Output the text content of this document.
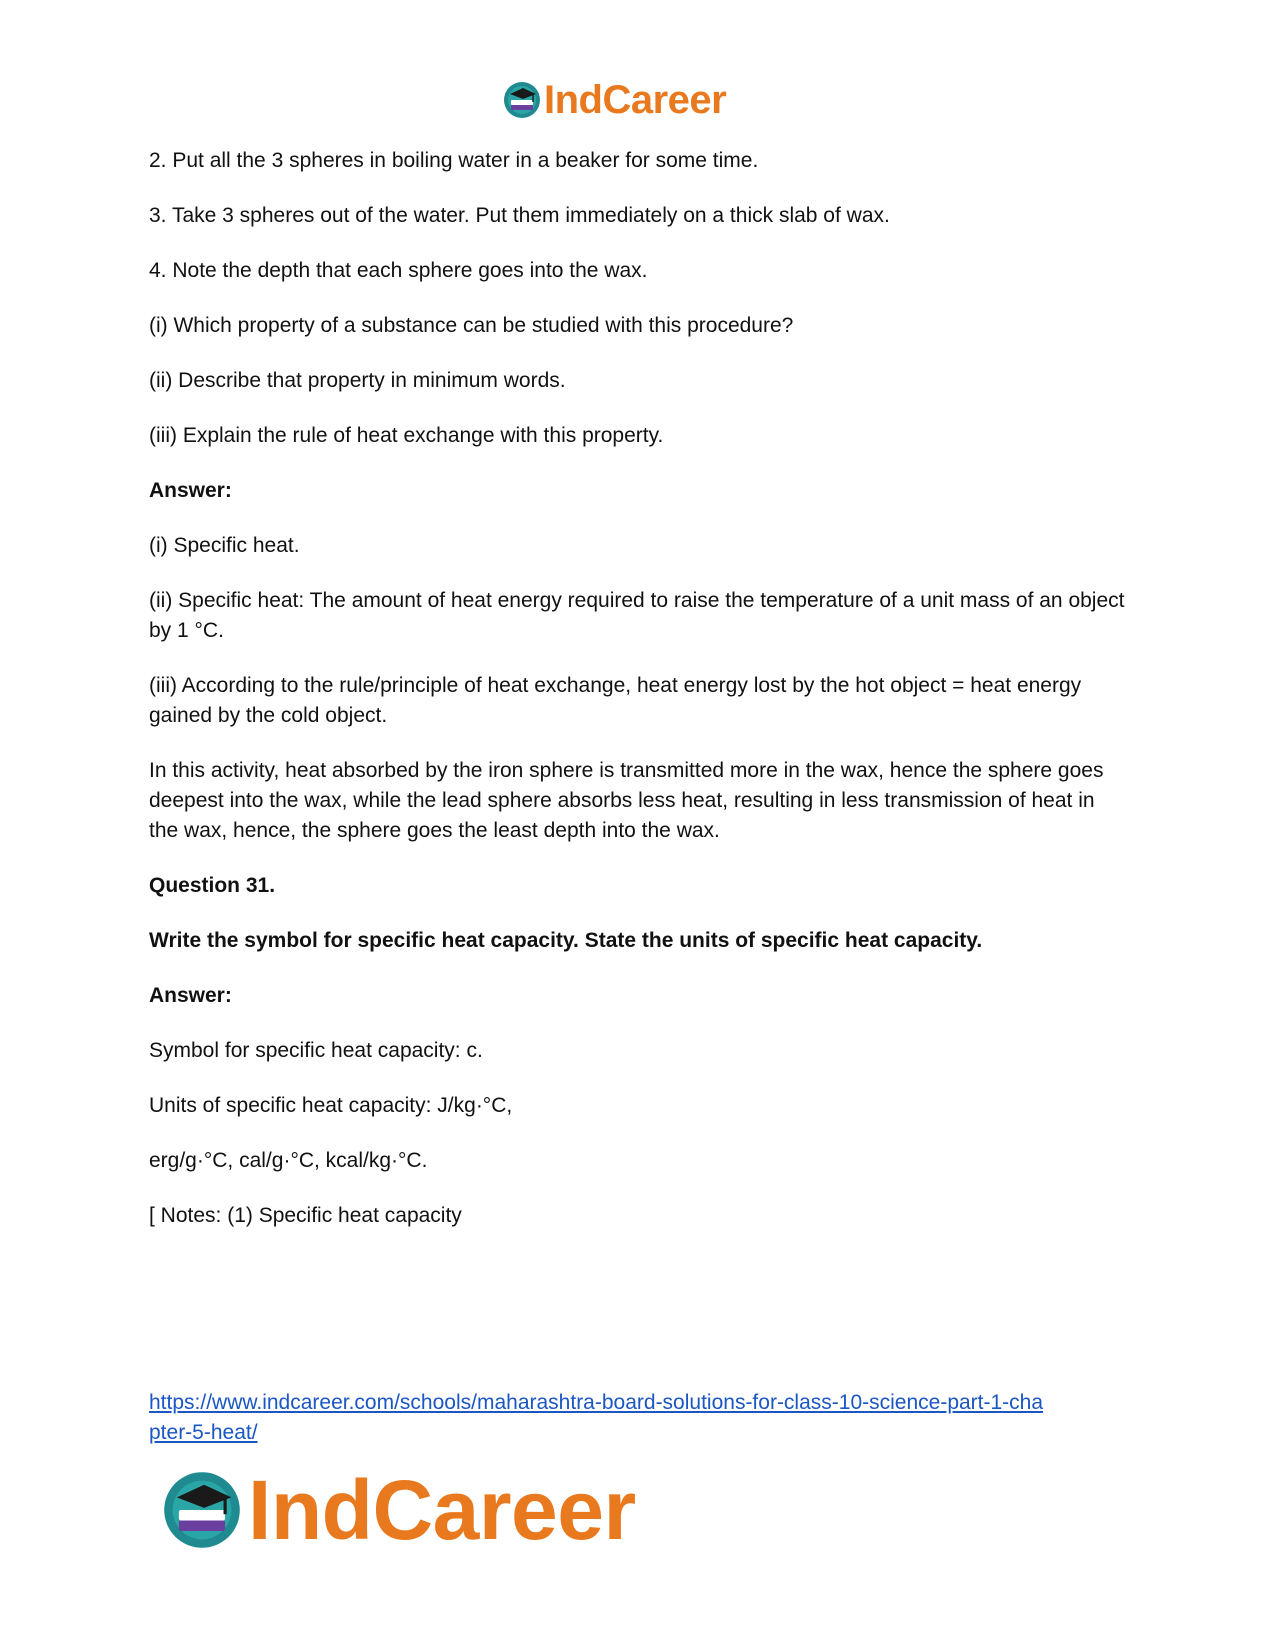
IndCareer

2. Put all the 3 spheres in boiling water in a beaker for some time.

3. Take 3 spheres out of the water. Put them immediately on a thick slab of wax.

4. Note the depth that each sphere goes into the wax.

(i) Which property of a substance can be studied with this procedure?

(ii) Describe that property in minimum words.

(iii) Explain the rule of heat exchange with this property.

Answer:

(i) Specific heat.

(ii) Specific heat: The amount of heat energy required to raise the temperature of a unit mass of an object by 1 °C.

(iii) According to the rule/principle of heat exchange, heat energy lost by the hot object = heat energy gained by the cold object.

In this activity, heat absorbed by the iron sphere is transmitted more in the wax, hence the sphere goes deepest into the wax, while the lead sphere absorbs less heat, resulting in less transmission of heat in the wax, hence, the sphere goes the least depth into the wax.

Question 31.

Write the symbol for specific heat capacity. State the units of specific heat capacity.

Answer:

Symbol for specific heat capacity: c.

Units of specific heat capacity: J/kg·°C,

erg/g·°C, cal/g·°C, kcal/kg·°C.

[ Notes: (1) Specific heat capacity

https://www.indcareer.com/schools/maharashtra-board-solutions-for-class-10-science-part-1-cha
pter-5-heat/
IndCareer
